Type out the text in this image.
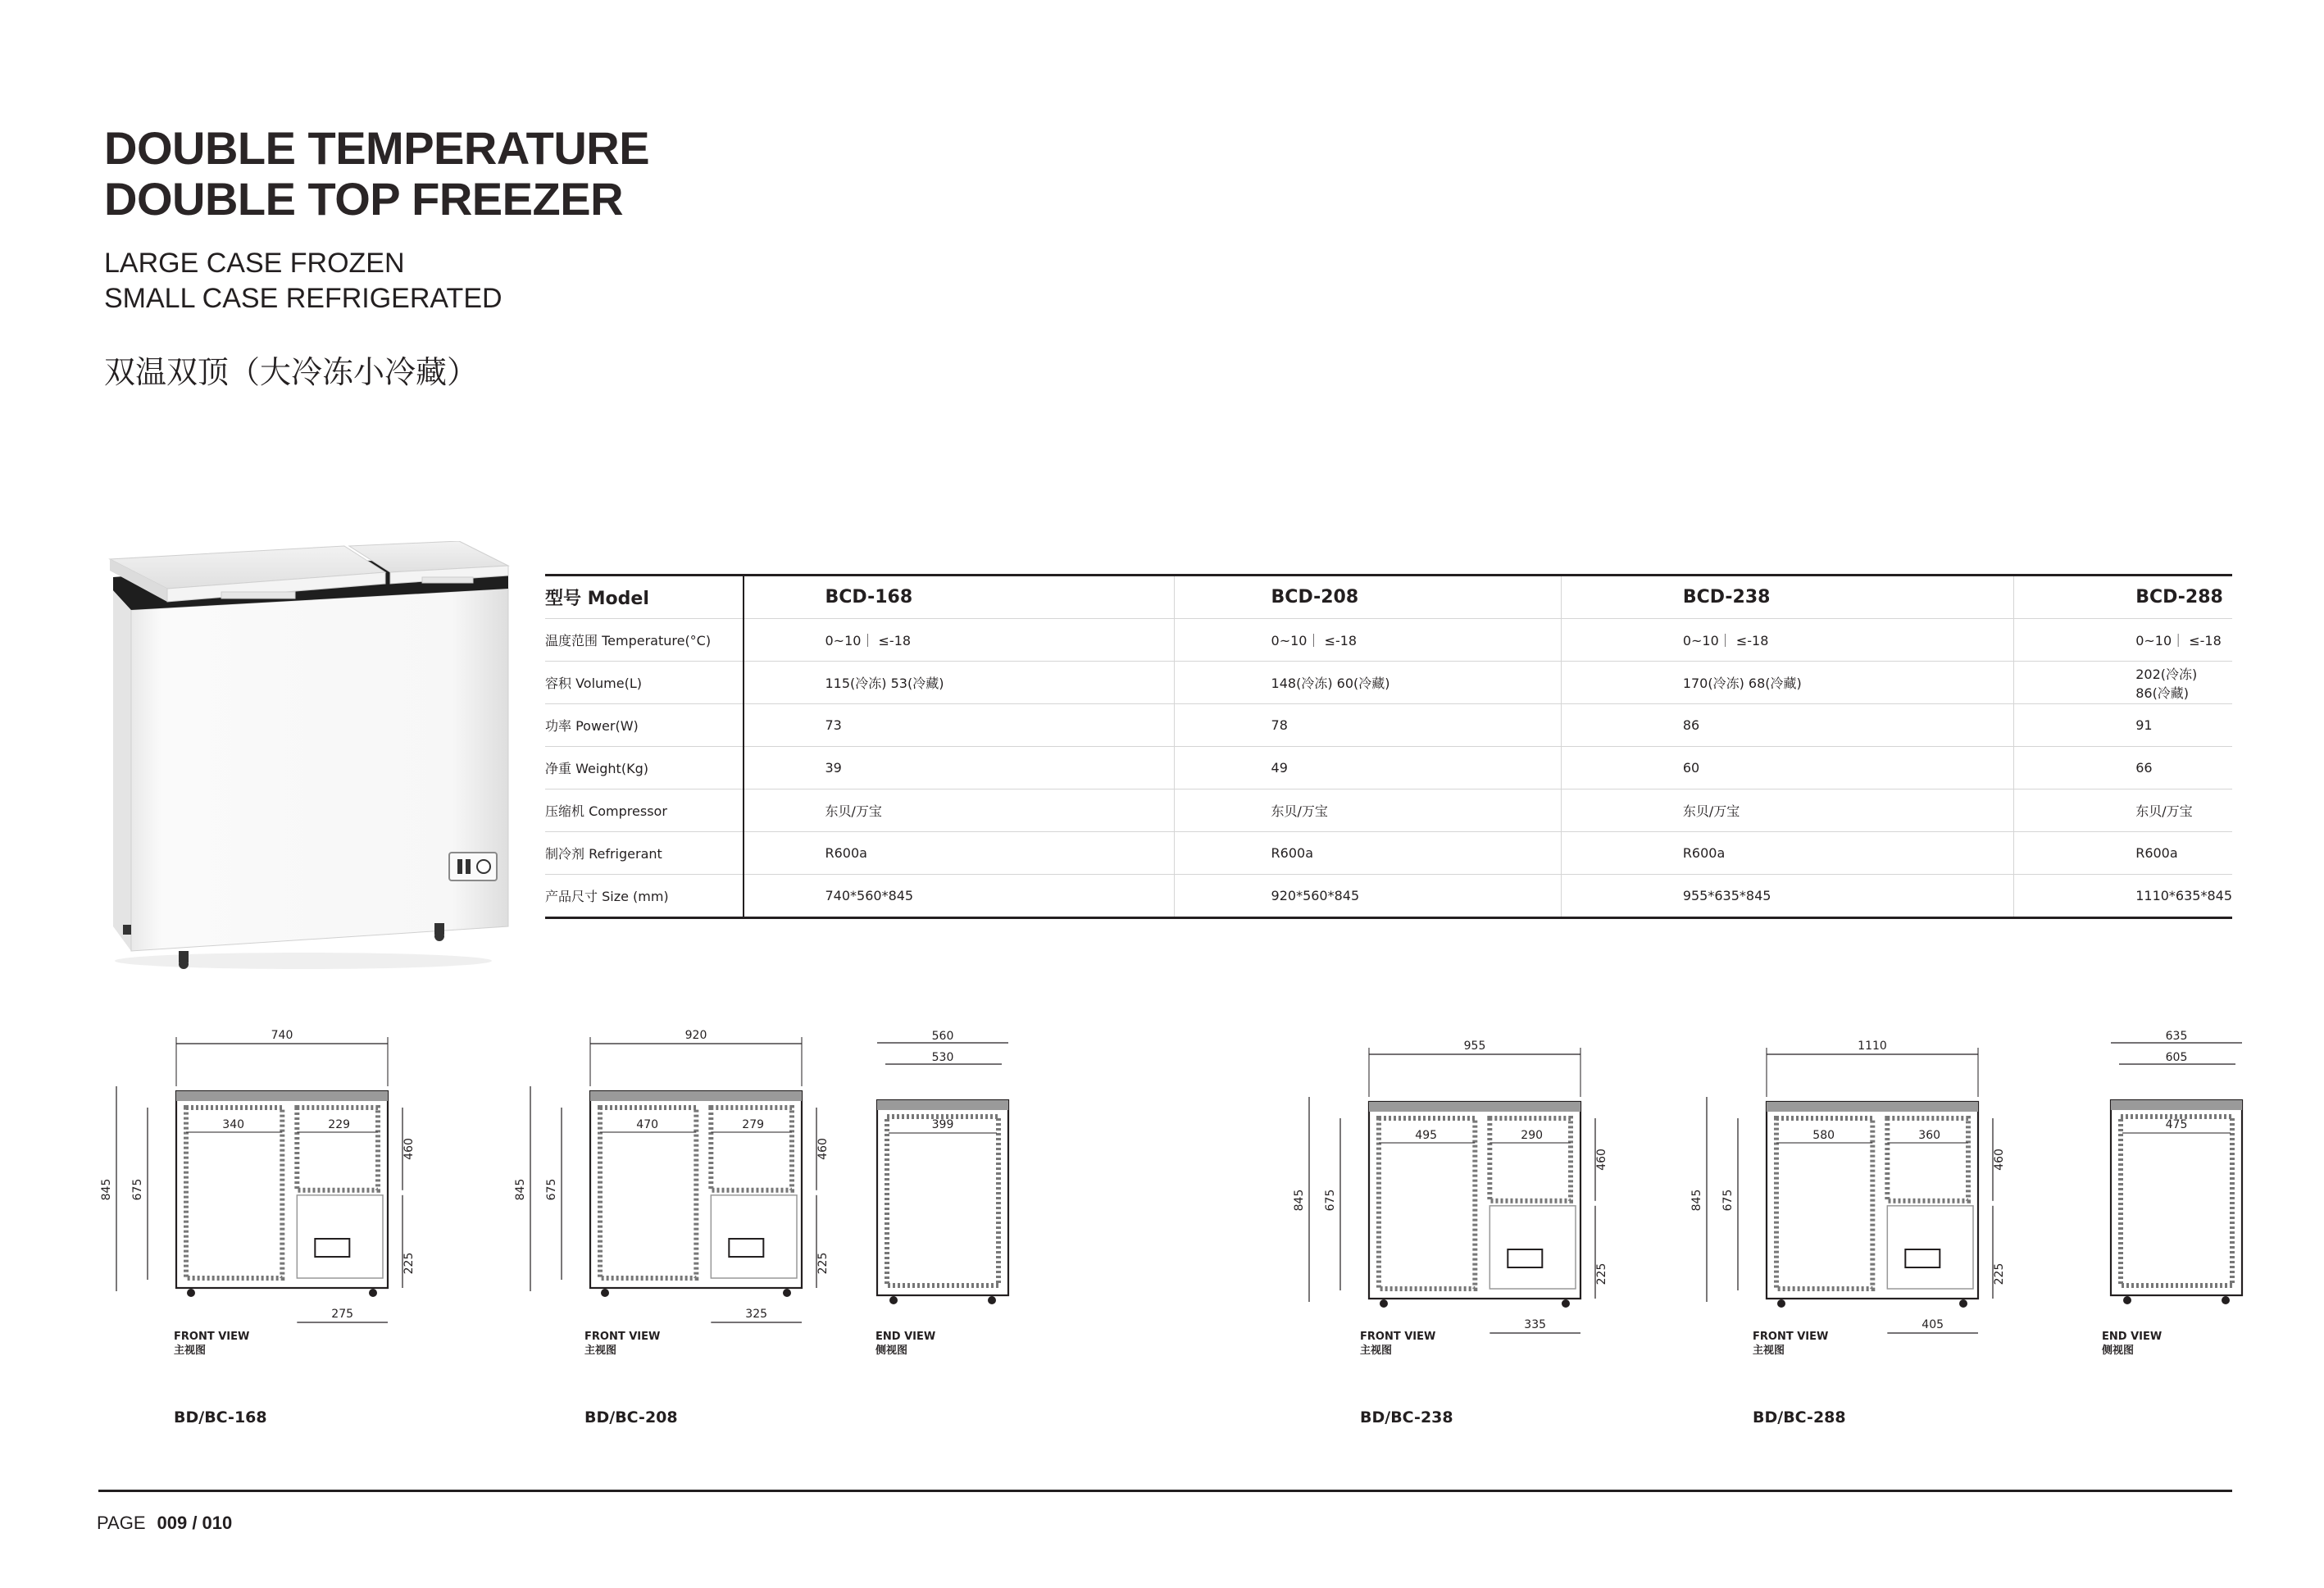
DOUBLE TEMPERATURE
DOUBLE TOP FREEZER
LARGE CASE FROZEN
SMALL CASE REFRIGERATED
双温双顶（大冷冻小冷藏）
型号 Model	BCD-168	BCD-208	BCD-238	BCD-288
温度范围 Temperature(°C)	0~10｜ ≤-18	0~10｜ ≤-18	0~10｜ ≤-18	0~10｜ ≤-18
容积 Volume(L)	115(冷冻) 53(冷藏)	148(冷冻) 60(冷藏)	170(冷冻) 68(冷藏)	202(冷冻) 86(冷藏)
功率 Power(W)	73	78	86	91
净重 Weight(Kg)	39	49	60	66
压缩机 Compressor	东贝/万宝	东贝/万宝	东贝/万宝	东贝/万宝
制冷剂 Refrigerant	R600a	R600a	R600a	R600a
产品尺寸 Size (mm)	740*560*845	920*560*845	955*635*845	1110*635*845
740
340	229
845 675
460
225
275
920
470	279
845 675
460
225
325
955
495	290
845 675
460
225
335
1110
580	360
845 675
460
225
405
560
530
399
635
605
475
FRONT VIEW
主视图
FRONT VIEW
主视图
END VIEW
侧视图
FRONT VIEW
主视图
FRONT VIEW
主视图
END VIEW
侧视图
BD/BC-168	BD/BC-208	BD/BC-238	BD/BC-288
PAGE 009 / 010
